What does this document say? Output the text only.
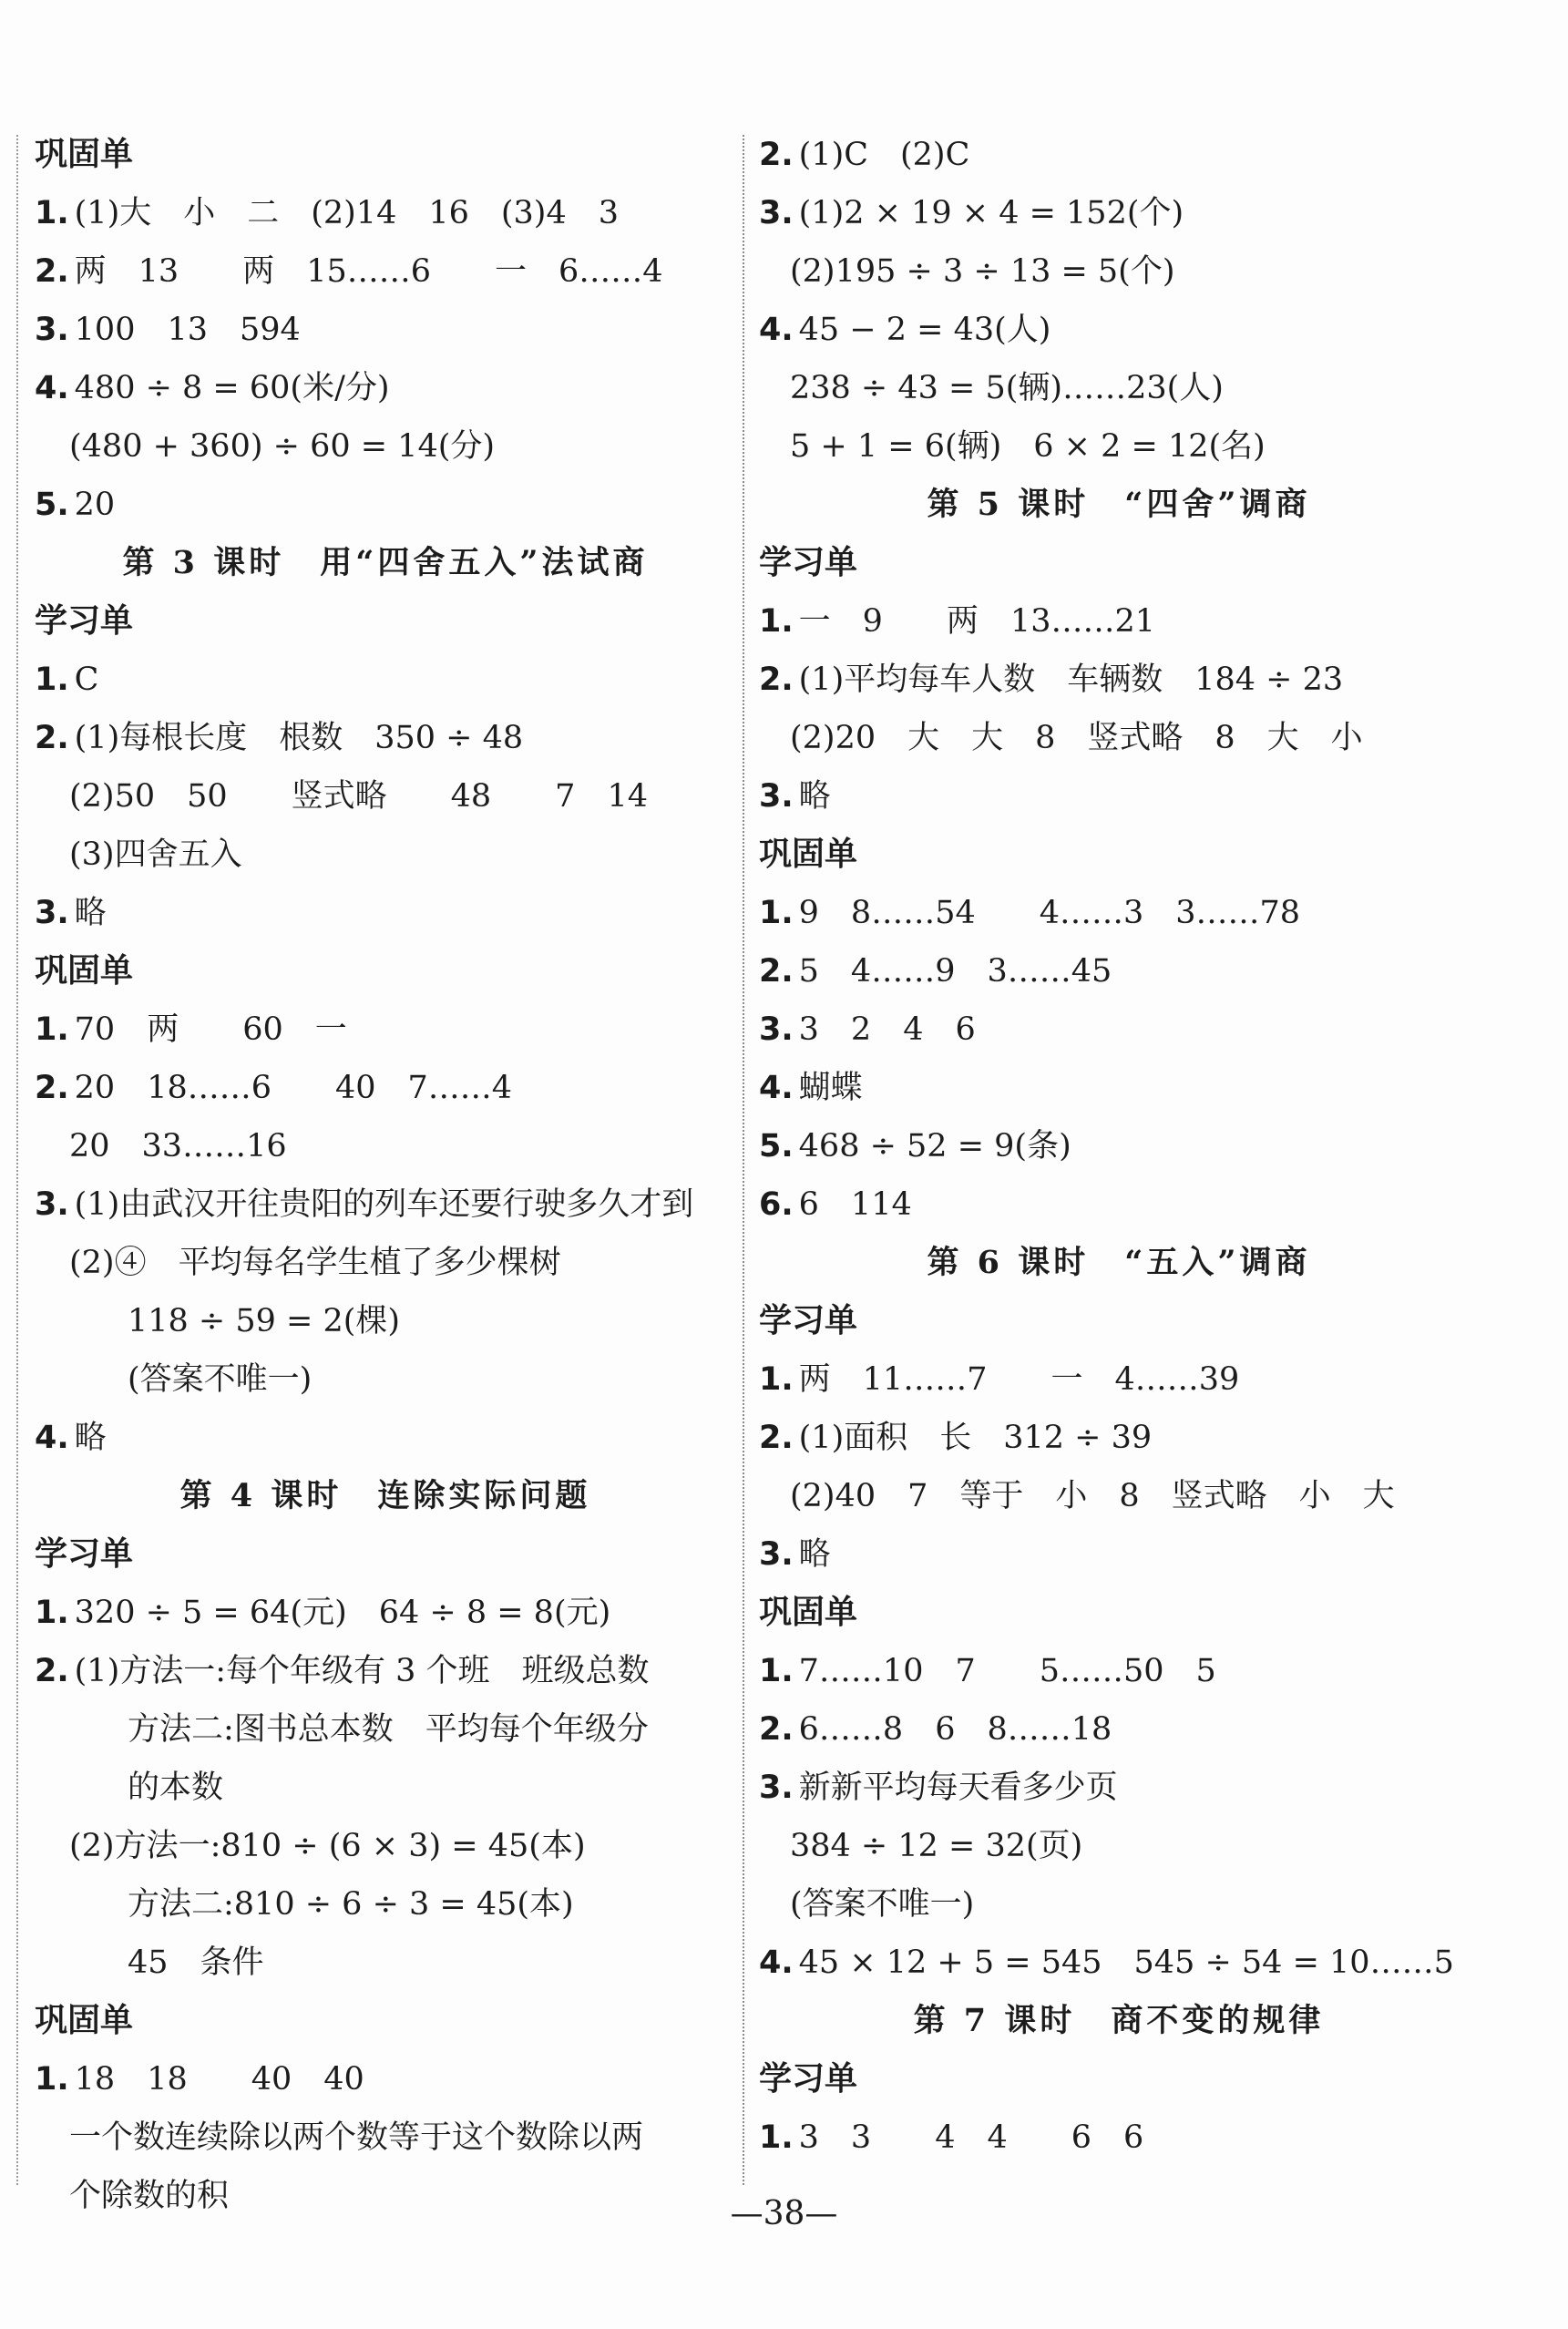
巩固单
1. (1)大　小　二　(2)14　16　(3)4　3
2. 两　13　　两　15……6　　一　6……4
3. 100　13　594
4. 480 ÷ 8 = 60(米/分)
(480 + 360) ÷ 60 = 14(分)
5. 20
第 3 课时　用“四舍五入”法试商
学习单
1. C
2. (1)每根长度　根数　350 ÷ 48
(2)50　50　　竖式略　　48　　7　14
(3)四舍五入
3. 略
巩固单
1. 70　两　　60　一
2. 20　18……6　　40　7……4
20　33……16
3. (1)由武汉开往贵阳的列车还要行驶多久才到
(2)④　平均每名学生植了多少棵树
118 ÷ 59 = 2(棵)
(答案不唯一)
4. 略
第 4 课时　连除实际问题
学习单
1. 320 ÷ 5 = 64(元)　64 ÷ 8 = 8(元)
2. (1)方法一:每个年级有 3 个班　班级总数
方法二:图书总本数　平均每个年级分
的本数
(2)方法一:810 ÷ (6 × 3) = 45(本)
方法二:810 ÷ 6 ÷ 3 = 45(本)
45　条件
巩固单
1. 18　18　　40　40
一个数连续除以两个数等于这个数除以两
个除数的积
2. (1)C　(2)C
3. (1)2 × 19 × 4 = 152(个)
(2)195 ÷ 3 ÷ 13 = 5(个)
4. 45 − 2 = 43(人)
238 ÷ 43 = 5(辆)……23(人)
5 + 1 = 6(辆)　6 × 2 = 12(名)
第 5 课时　“四舍”调商
学习单
1. 一　9　　两　13……21
2. (1)平均每车人数　车辆数　184 ÷ 23
(2)20　大　大　8　竖式略　8　大　小
3. 略
巩固单
1. 9　8……54　　4……3　3……78
2. 5　4……9　3……45
3. 3　2　4　6
4. 蝴蝶
5. 468 ÷ 52 = 9(条)
6. 6　114
第 6 课时　“五入”调商
学习单
1. 两　11……7　　一　4……39
2. (1)面积　长　312 ÷ 39
(2)40　7　等于　小　8　竖式略　小　大
3. 略
巩固单
1. 7……10　7　　5……50　5
2. 6……8　6　8……18
3. 新新平均每天看多少页
384 ÷ 12 = 32(页)
(答案不唯一)
4. 45 × 12 + 5 = 545　545 ÷ 54 = 10……5
第 7 课时　商不变的规律
学习单
1. 3　3　　4　4　　6　6
—38—
